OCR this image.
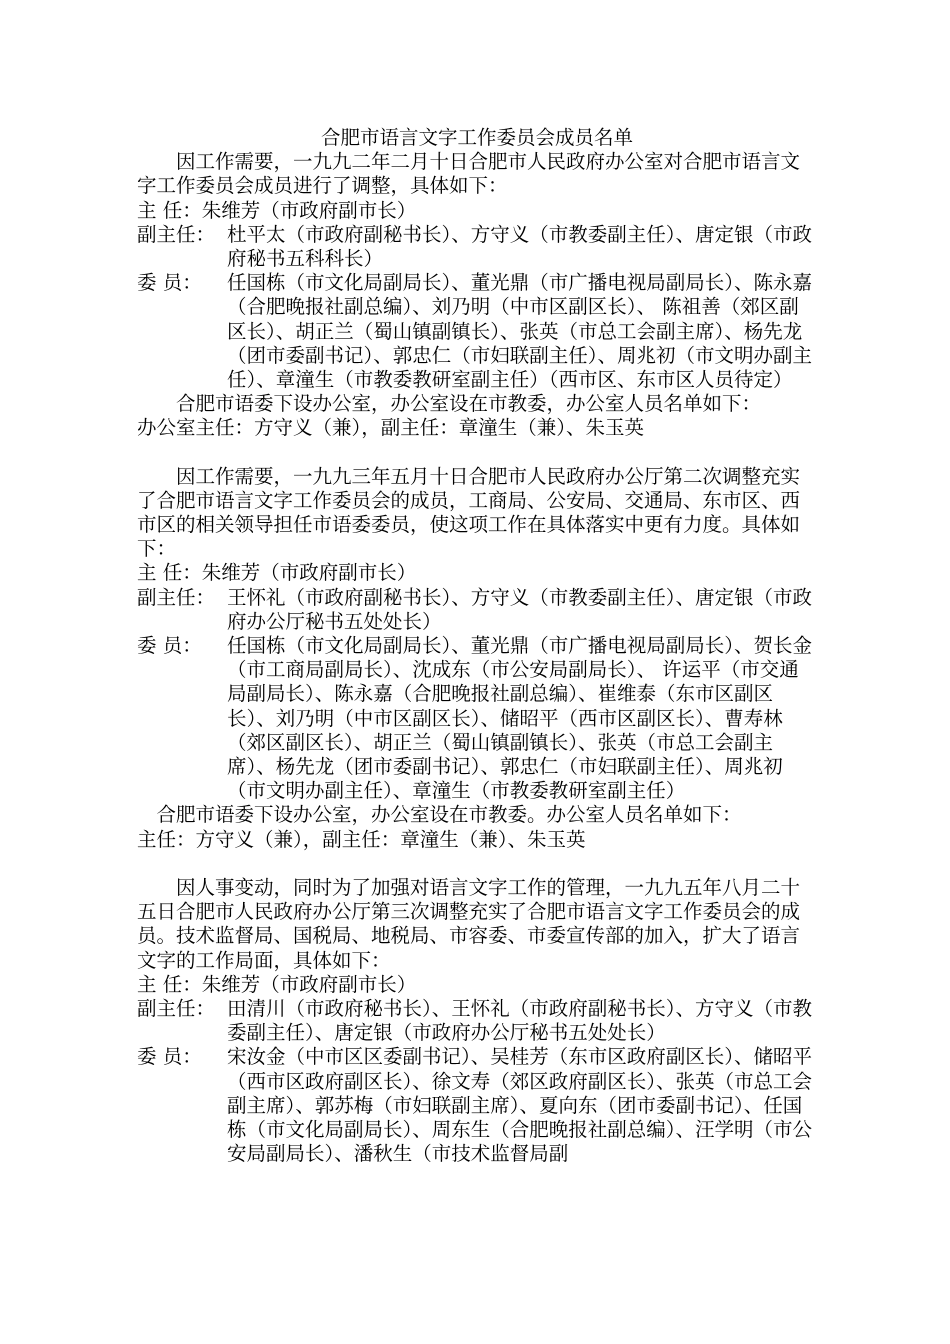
合肥市语言文字工作委员会成员名单

因工作需要，一九九二年二月十日合肥市人民政府办公室对合肥市语言文字工作委员会成员进行了调整，具体如下：

主 任：朱维芳（市政府副市长）

副主任： 杜平太（市政府副秘书长）、方守义（市教委副主任）、唐定银（市政府秘书五科科长）

委 员： 任国栋（市文化局副局长）、董光鼎（市广播电视局副局长）、陈永嘉（合肥晚报社副总编）、刘乃明（中市区副区长）、 陈祖善（郊区副区长）、胡正兰（蜀山镇副镇长）、张英（市总工会副主席）、杨先龙（团市委副书记）、郭忠仁（市妇联副主任）、周兆初（市文明办副主任）、章潼生（市教委教研室副主任）（西市区、东市区人员待定）

合肥市语委下设办公室，办公室设在市教委，办公室人员名单如下：

办公室主任：方守义（兼），副主任：章潼生（兼）、朱玉英

因工作需要，一九九三年五月十日合肥市人民政府办公厅第二次调整充实了合肥市语言文字工作委员会的成员，工商局、公安局、交通局、东市区、西市区的相关领导担任市语委委员，使这项工作在具体落实中更有力度。具体如下：

主 任：朱维芳（市政府副市长）

副主任： 王怀礼（市政府副秘书长）、方守义（市教委副主任）、唐定银（市政府办公厅秘书五处处长）

委 员： 任国栋（市文化局副局长）、董光鼎（市广播电视局副局长）、贺长金（市工商局副局长）、沈成东（市公安局副局长）、 许运平（市交通局副局长）、陈永嘉（合肥晚报社副总编）、崔维泰（东市区副区长）、刘乃明（中市区副区长）、储昭平（西市区副区长）、曹寿林（郊区副区长）、胡正兰（蜀山镇副镇长）、张英（市总工会副主席）、杨先龙（团市委副书记）、郭忠仁（市妇联副主任）、周兆初（市文明办副主任）、章潼生（市教委教研室副主任）

合肥市语委下设办公室，办公室设在市教委。办公室人员名单如下：

主任：方守义（兼），副主任：章潼生（兼）、朱玉英

因人事变动，同时为了加强对语言文字工作的管理，一九九五年八月二十五日合肥市人民政府办公厅第三次调整充实了合肥市语言文字工作委员会的成员。技术监督局、国税局、地税局、市容委、市委宣传部的加入，扩大了语言文字的工作局面，具体如下：

主 任：朱维芳（市政府副市长）

副主任： 田清川（市政府秘书长）、王怀礼（市政府副秘书长）、方守义（市教委副主任）、唐定银（市政府办公厅秘书五处处长）

委 员： 宋汝金（中市区区委副书记）、吴桂芳（东市区政府副区长）、储昭平（西市区政府副区长）、徐文寿（郊区政府副区长）、张英（市总工会副主席）、郭苏梅（市妇联副主席）、夏向东（团市委副书记）、任国栋（市文化局副局长）、周东生（合肥晚报社副总编）、汪学明（市公安局副局长）、潘秋生（市技术监督局副
